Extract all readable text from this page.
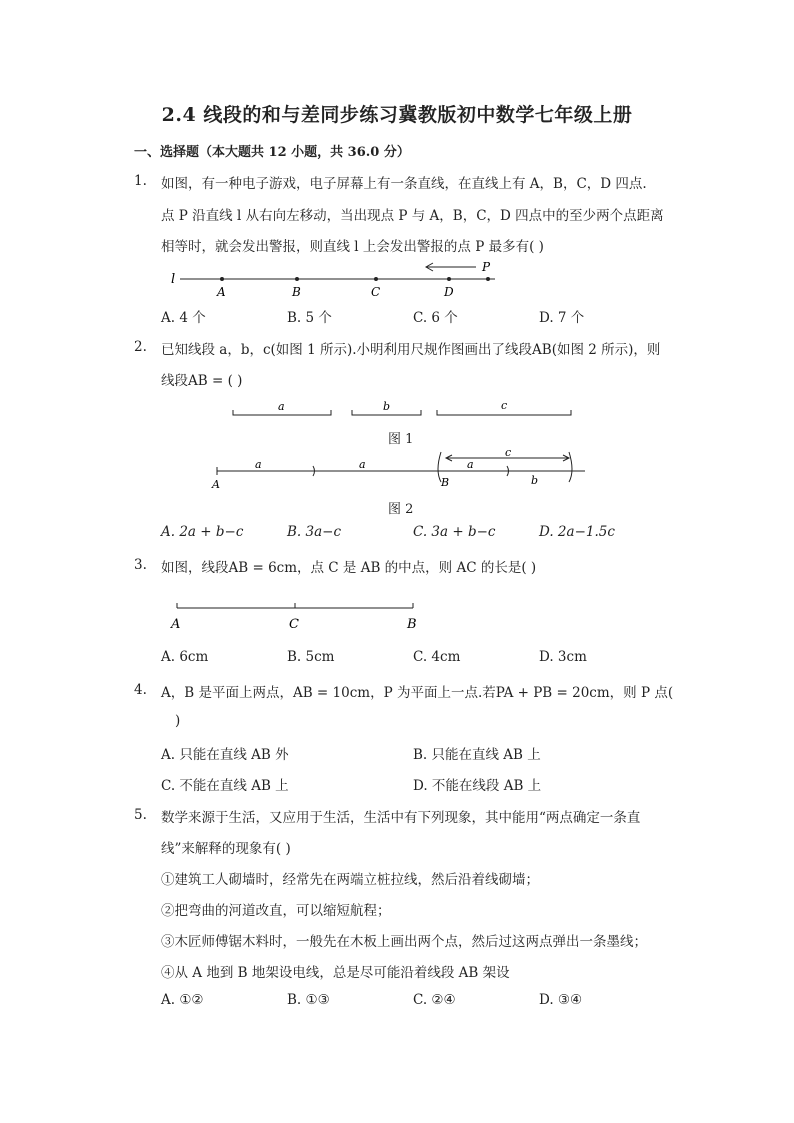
2.4 线段的和与差同步练习冀教版初中数学七年级上册
一、选择题（本大题共 12 小题，共 36.0 分）
1. 如图，有一种电子游戏，电子屏幕上有一条直线，在直线上有 A，B，C，D 四点.
点 P 沿直线 l 从右向左移动，当出现点 P 与 A，B，C，D 四点中的至少两个点距离
相等时，就会发出警报，则直线 l 上会发出警报的点 P 最多有( )
l
A	B	C	D
P
A. 4 个	B. 5 个	C. 6 个	D. 7 个
2. 已知线段 a，b，c(如图 1 所示).小明利用尺规作图画出了线段AB(如图 2 所示)，则
线段AB = ( )
a	b	c
图 1
a	a
c
a
b
A	B
图 2
A. 2a + b−c	B. 3a−c	C. 3a + b−c	D. 2a−1.5c
3. 如图，线段AB = 6cm，点 C 是 AB 的中点，则 AC 的长是( )
A	C	B
A. 6cm	B. 5cm	C. 4cm	D. 3cm
4. A，B 是平面上两点，AB = 10cm，P 为平面上一点.若PA + PB = 20cm，则 P 点(
)
A. 只能在直线 AB 外	B. 只能在直线 AB 上
C. 不能在直线 AB 上	D. 不能在线段 AB 上
5. 数学来源于生活，又应用于生活，生活中有下列现象，其中能用“两点确定一条直
线”来解释的现象有( )
①建筑工人砌墙时，经常先在两端立桩拉线，然后沿着线砌墙；
②把弯曲的河道改直，可以缩短航程；
③木匠师傅锯木料时，一般先在木板上画出两个点，然后过这两点弹出一条墨线；
④从 A 地到 B 地架设电线，总是尽可能沿着线段 AB 架设
A. ①②	B. ①③	C. ②④	D. ③④
